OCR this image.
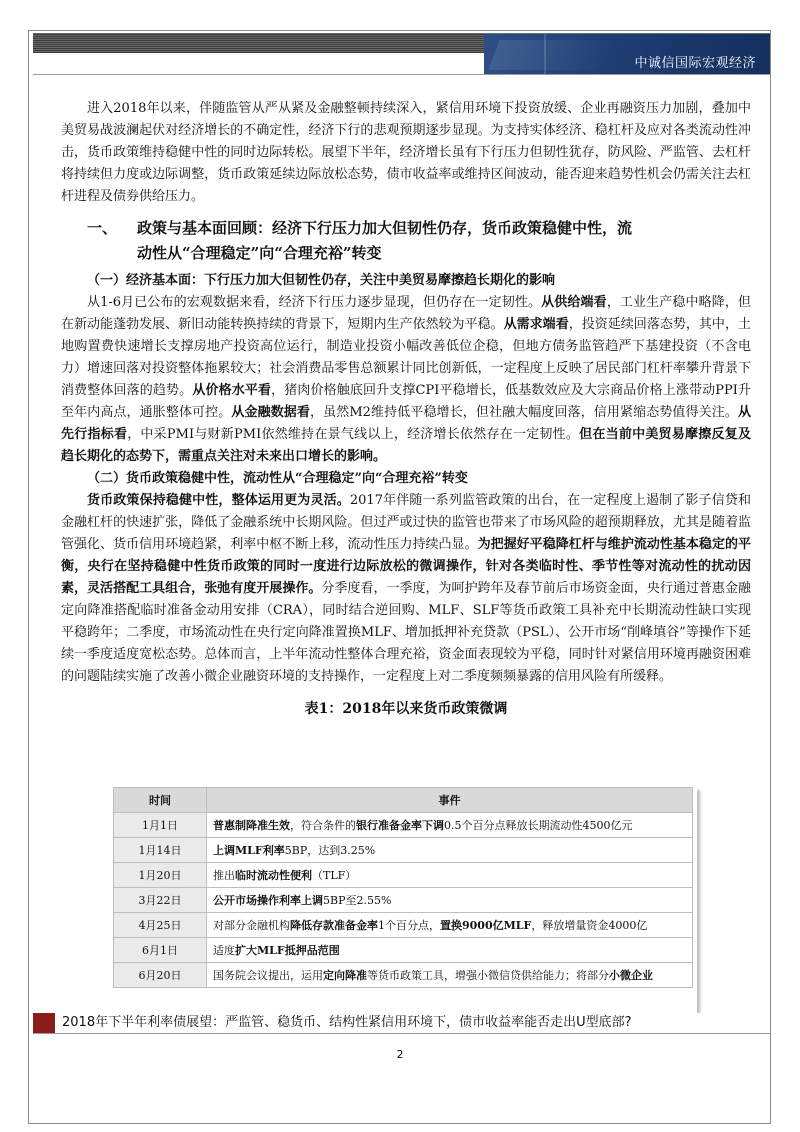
中诚信国际宏观经济

进入2018年以来，伴随监管从严从紧及金融整顿持续深入，紧信用环境下投资放缓、企业再融资压力加剧，叠加中美贸易战波澜起伏对经济增长的不确定性，经济下行的悲观预期逐步显现。为支持实体经济、稳杠杆及应对各类流动性冲击，货币政策维持稳健中性的同时边际转松。展望下半年，经济增长虽有下行压力但韧性犹存，防风险、严监管、去杠杆将持续但力度或边际调整，货币政策延续边际放松态势，债市收益率或维持区间波动，能否迎来趋势性机会仍需关注去杠杆进程及债券供给压力。

一、 政策与基本面回顾：经济下行压力加大但韧性仍存，货币政策稳健中性，流
动性从“合理稳定”向“合理充裕”转变

（一）经济基本面：下行压力加大但韧性仍存，关注中美贸易摩擦趋长期化的影响

从1-6月已公布的宏观数据来看，经济下行压力逐步显现，但仍存在一定韧性。从供给端看，工业生产稳中略降，但在新动能蓬勃发展、新旧动能转换持续的背景下，短期内生产依然较为平稳。从需求端看，投资延续回落态势，其中，土地购置费快速增长支撑房地产投资高位运行，制造业投资小幅改善低位企稳，但地方债务监管趋严下基建投资（不含电力）增速回落对投资整体拖累较大；社会消费品零售总额累计同比创新低，一定程度上反映了居民部门杠杆率攀升背景下消费整体回落的趋势。从价格水平看，猪肉价格触底回升支撑CPI平稳增长，低基数效应及大宗商品价格上涨带动PPI升至年内高点，通胀整体可控。从金融数据看，虽然M2维持低平稳增长，但社融大幅度回落，信用紧缩态势值得关注。从先行指标看，中采PMI与财新PMI依然维持在景气线以上，经济增长依然存在一定韧性。但在当前中美贸易摩擦反复及趋长期化的态势下，需重点关注对未来出口增长的影响。

（二）货币政策稳健中性，流动性从“合理稳定”向“合理充裕”转变

货币政策保持稳健中性，整体运用更为灵活。2017年伴随一系列监管政策的出台，在一定程度上遏制了影子信贷和金融杠杆的快速扩张，降低了金融系统中长期风险。但过严或过快的监管也带来了市场风险的超预期释放，尤其是随着监管强化、货币信用环境趋紧，利率中枢不断上移，流动性压力持续凸显。为把握好平稳降杠杆与维护流动性基本稳定的平衡，央行在坚持稳健中性货币政策的同时一度进行边际放松的微调操作，针对各类临时性、季节性等对流动性的扰动因素，灵活搭配工具组合，张弛有度开展操作。分季度看，一季度，为呵护跨年及春节前后市场资金面，央行通过普惠金融定向降准搭配临时准备金动用安排（CRA），同时结合逆回购、MLF、SLF等货币政策工具补充中长期流动性缺口实现平稳跨年；二季度，市场流动性在央行定向降准置换MLF、增加抵押补充贷款（PSL）、公开市场“削峰填谷”等操作下延续一季度适度宽松态势。总体而言，上半年流动性整体合理充裕，资金面表现较为平稳，同时针对紧信用环境再融资困难的问题陆续实施了改善小微企业融资环境的支持操作，一定程度上对二季度频频暴露的信用风险有所缓释。

表1：2018年以来货币政策微调
时间	事件
1月1日	普惠制降准生效，符合条件的银行准备金率下调0.5个百分点释放长期流动性4500亿元
1月14日	上调MLF利率5BP，达到3.25%
1月20日	推出临时流动性便利（TLF）
3月22日	公开市场操作利率上调5BP至2.55%
4月25日	对部分金融机构降低存款准备金率1个百分点，置换9000亿MLF，释放增量资金4000亿
6月1日	适度扩大MLF抵押品范围
6月20日	国务院会议提出，运用定向降准等货币政策工具，增强小微信贷供给能力；将部分小微企业
2018年下半年利率债展望：严监管、稳货币、结构性紧信用环境下，债市收益率能否走出U型底部?
2
